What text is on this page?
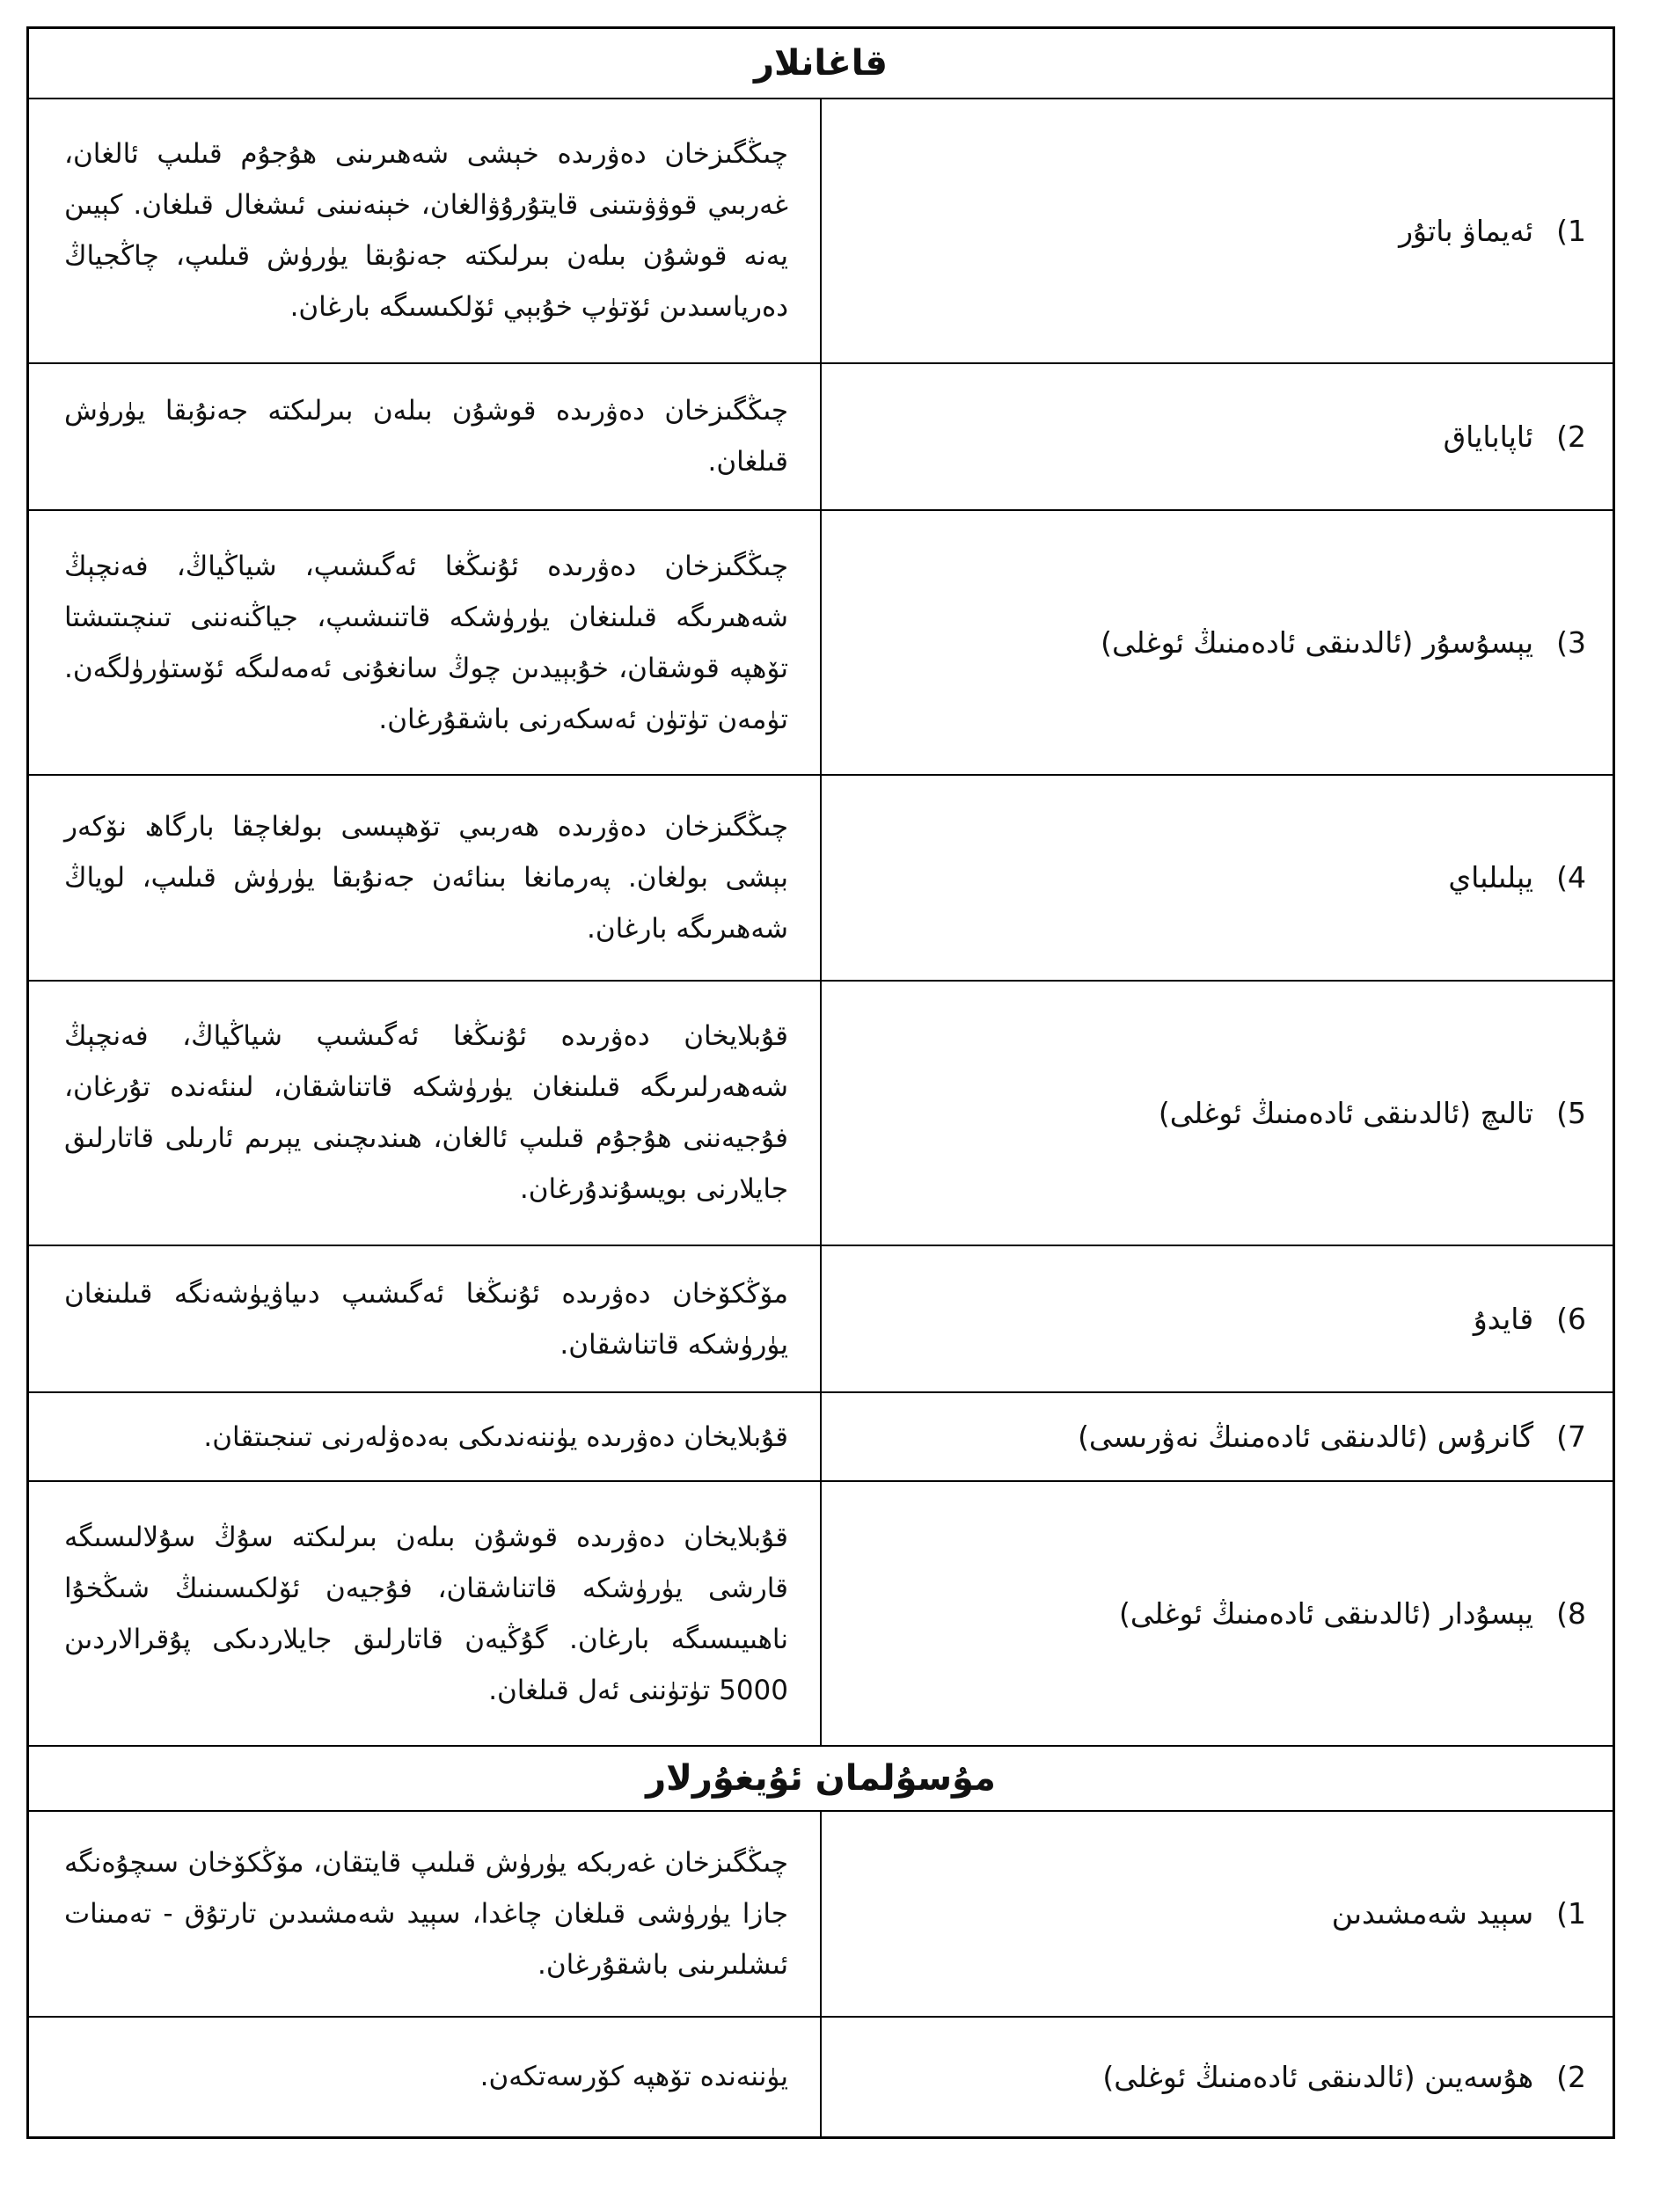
قاغانلار	
1)ئەيماۋ باتۇر	چىڭگىزخان دەۋرىدە خېشى شەھىرىنى ھۇجۇم قىلىپ ئالغان، غەربىي قوۋۋىتىنى قايتۇرۇۋالغان، خېنەنىنى ئىشغال قىلغان. كېيىن يەنە قوشۇن بىلەن بىرلىكتە جەنۇبقا يۈرۈش قىلىپ، چاڭجياڭ دەرياسىدىن ئۆتۈپ خۇبېي ئۆلكىسىگە بارغان.
2)ئاپاباياق	چىڭگىزخان دەۋرىدە قوشۇن بىلەن بىرلىكتە جەنۇبقا يۈرۈش قىلغان.
3)يېسۇسۇر (ئالدىنقى ئادەمنىڭ ئوغلى)	چىڭگىزخان دەۋرىدە ئۇنىڭغا ئەگىشىپ، شياڭياڭ، فەنچېڭ شەھىرىگە قىلىنغان يۈرۈشكە قاتنىشىپ، جياڭنەننى تىنچىتىشتا تۆھپە قوشقان، خۇبېيدىن چوڭ سانغۇنى ئەمەلىگە ئۆستۈرۈلگەن. تۈمەن تۈتۈن ئەسكەرنى باشقۇرغان.
4)يېلىلباي	چىڭگىزخان دەۋرىدە ھەربىي تۆھپىسى بولغاچقا بارگاھ نۆكەر بېشى بولغان. پەرمانغا بىنائەن جەنۇبقا يۈرۈش قىلىپ، لوياڭ شەھىرىگە بارغان.
5)تالىچ (ئالدىنقى ئادەمنىڭ ئوغلى)	قۇبلايخان دەۋرىدە ئۇنىڭغا ئەگىشىپ شياڭياڭ، فەنچېڭ شەھەرلىرىگە قىلىنغان يۈرۈشكە قاتناشقان، لىنئەندە تۇرغان، فۇجيەننى ھۇجۇم قىلىپ ئالغان، ھىندىچىنى يېرىم ئارىلى قاتارلىق جايلارنى بويسۇندۇرغان.
6)قايدۇ	مۆڭكۆخان دەۋرىدە ئۇنىڭغا ئەگىشىپ دىياۋيۈشەنگە قىلىنغان يۈرۈشكە قاتناشقان.
7)گانرۇس (ئالدىنقى ئادەمنىڭ نەۋرىسى)	قۇبلايخان دەۋرىدە يۈننەندىكى بەدەۋلەرنى تىنجىتقان.
8)يېسۇدار (ئالدىنقى ئادەمنىڭ ئوغلى)	قۇبلايخان دەۋرىدە قوشۇن بىلەن بىرلىكتە سۇڭ سۇلالىسىگە قارشى يۈرۈشكە قاتناشقان، فۇجيەن ئۆلكىسىنىڭ شىڭخۇا ناھىيىسىگە بارغان. گۇڭيەن قاتارلىق جايلاردىكى پۇقرالاردىن 5000 تۈتۈننى ئەل قىلغان.
مۇسۇلمان ئۇيغۇرلار	
1)سېيد شەمشىدىن	چىڭگىزخان غەربكە يۈرۈش قىلىپ قايتقان، مۆڭكۆخان سىچۇەنگە جازا يۈرۈشى قىلغان چاغدا، سېيد شەمشىدىن تارتۇق - تەمىنات ئىشلىرىنى باشقۇرغان.
2)ھۇسەيىن (ئالدىنقى ئادەمنىڭ ئوغلى)	يۈننەندە تۆھپە كۆرسەتكەن.
